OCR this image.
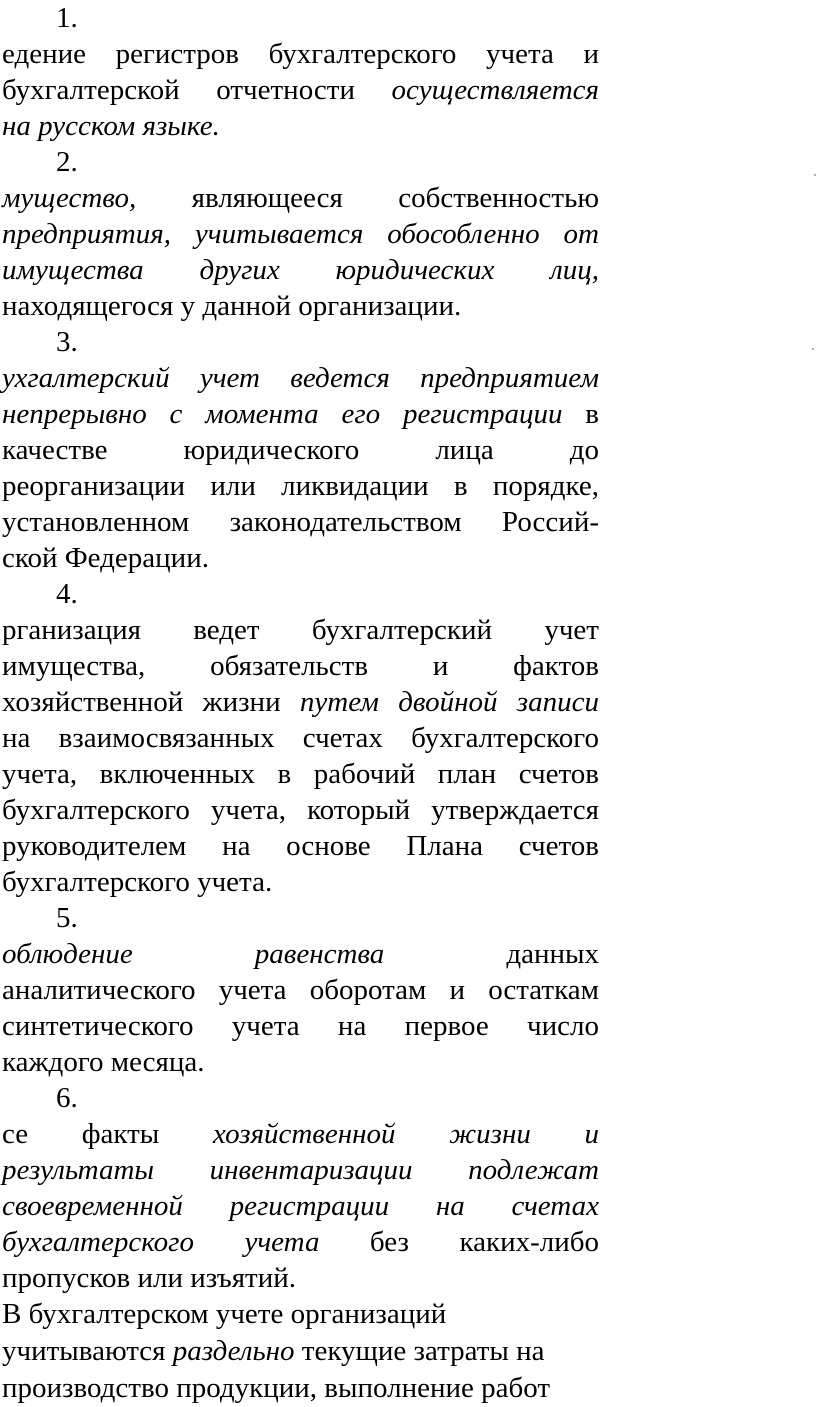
1.
едение регистров бухгалтерского учета и
бухгалтерской отчетности осуществляется
на русском языке.
2.
мущество, являющееся собственностью
предприятия, учитывается обособленно от
имущества других юридических лиц,
находящегося у данной организации.
3.
ухгалтерский учет ведется предприятием
непрерывно с момента его регистрации в
качестве	юридического	лица	до
реорганизации или ликвидации в порядке,
установленном законодательством Россий-
ской Федерации.
4.
рганизация ведет бухгалтерский учет
имущества, обязательств и фактов
хозяйственной жизни путем двойной записи
на взаимосвязанных счетах бухгалтерского
учета, включенных в рабочий план счетов
бухгалтерского учета, который утверждается
руководителем на основе Плана счетов
бухгалтерского учета.
5.
облюдение	равенства	данных
аналитического учета оборотам и остаткам
синтетического учета на первое число
каждого месяца.
6.
се факты хозяйственной жизни и
результаты инвентаризации подлежат
своевременной регистрации на счетах
бухгалтерского учета без каких-либо
пропусков или изъятий.
В бухгалтерском учете организаций
учитываются раздельно текущие затраты на
производство продукции, выполнение работ
